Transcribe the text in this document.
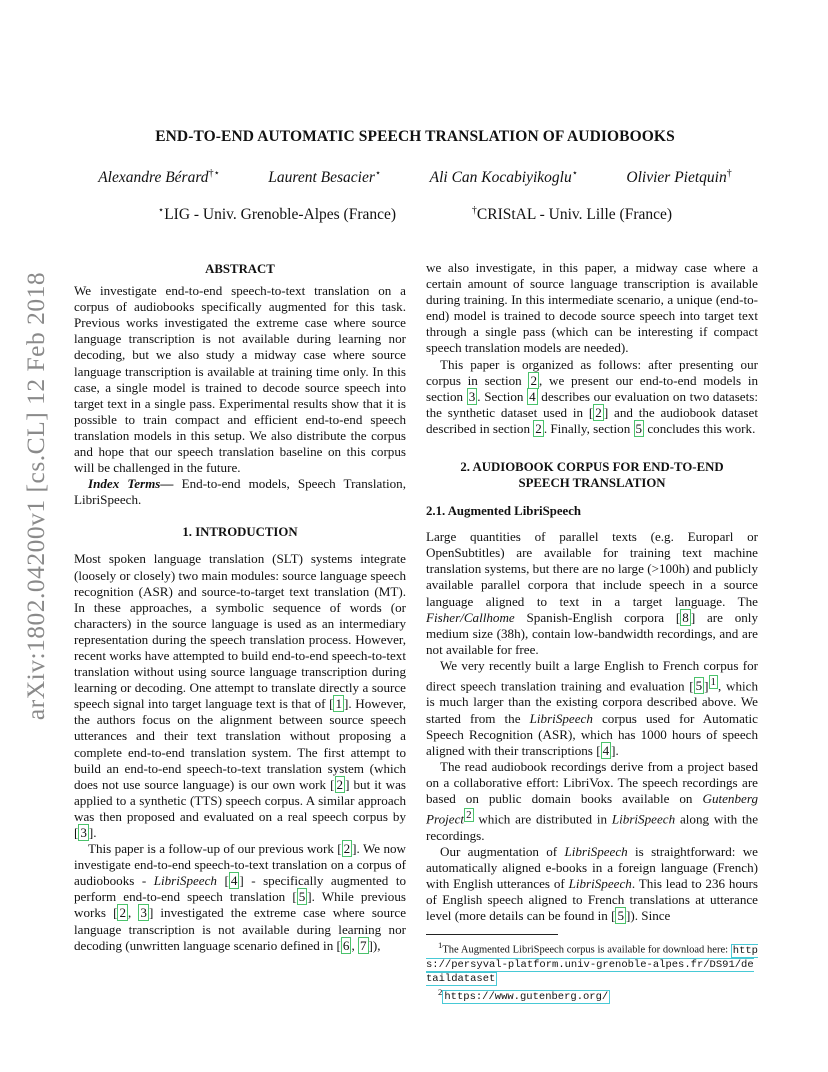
arXiv:1802.04200v1 [cs.CL] 12 Feb 2018
END-TO-END AUTOMATIC SPEECH TRANSLATION OF AUDIOBOOKS
Alexandre Bérard†⋆	Laurent Besacier⋆	Ali Can Kocabiyikoglu⋆	Olivier Pietquin†
⋆LIG - Univ. Grenoble-Alpes (France)	†CRIStAL - Univ. Lille (France)
ABSTRACT

We investigate end-to-end speech-to-text translation on a corpus of audiobooks specifically augmented for this task. Previous works investigated the extreme case where source language transcription is not available during learning nor decoding, but we also study a midway case where source language transcription is available at training time only. In this case, a single model is trained to decode source speech into target text in a single pass. Experimental results show that it is possible to train compact and efficient end-to-end speech translation models in this setup. We also distribute the corpus and hope that our speech translation baseline on this corpus will be challenged in the future.

Index Terms— End-to-end models, Speech Translation, LibriSpeech.

1. INTRODUCTION

Most spoken language translation (SLT) systems integrate (loosely or closely) two main modules: source language speech recognition (ASR) and source-to-target text translation (MT). In these approaches, a symbolic sequence of words (or characters) in the source language is used as an intermediary representation during the speech translation process. However, recent works have attempted to build end-to-end speech-to-text translation without using source language transcription during learning or decoding. One attempt to translate directly a source speech signal into target language text is that of [ 1 ]. However, the authors focus on the alignment between source speech utterances and their text translation without proposing a complete end-to-end translation system. The first attempt to build an end-to-end speech-to-text translation system (which does not use source language) is our own work [ 2 ] but it was applied to a synthetic (TTS) speech corpus. A similar approach was then proposed and evaluated on a real speech corpus by [ 3 ].

This paper is a follow-up of our previous work [ 2 ]. We now investigate end-to-end speech-to-text translation on a corpus of audiobooks - LibriSpeech [ 4 ] - specifically augmented to perform end-to-end speech translation [ 5 ]. While previous works [ 2 , 3 ] investigated the extreme case where source language transcription is not available during learning nor decoding (unwritten language scenario defined in [ 6 , 7 ]),

we also investigate, in this paper, a midway case where a certain amount of source language transcription is available during training. In this intermediate scenario, a unique (end-to-end) model is trained to decode source speech into target text through a single pass (which can be interesting if compact speech translation models are needed).

This paper is organized as follows: after presenting our corpus in section 2 , we present our end-to-end models in section 3 . Section 4 describes our evaluation on two datasets: the synthetic dataset used in [ 2 ] and the audiobook dataset described in section 2 . Finally, section 5 concludes this work.

2. AUDIOBOOK CORPUS FOR END-TO-END
SPEECH TRANSLATION
2.1. Augmented LibriSpeech

Large quantities of parallel texts (e.g. Europarl or OpenSubtitles) are available for training text machine translation systems, but there are no large (>100h) and publicly available parallel corpora that include speech in a source language aligned to text in a target language. The Fisher/Callhome Spanish-English corpora [ 8 ] are only medium size (38h), contain low-bandwidth recordings, and are not available for free.

We very recently built a large English to French corpus for direct speech translation training and evaluation [ 5 ] $^1$ , which is much larger than the existing corpora described above. We started from the LibriSpeech corpus used for Automatic Speech Recognition (ASR), which has 1000 hours of speech aligned with their transcriptions [ 4 ].

The read audiobook recordings derive from a project based on a collaborative effort: LibriVox. The speech recordings are based on public domain books available on Gutenberg Project $^2$ which are distributed in LibriSpeech along with the recordings.

Our augmentation of LibriSpeech is straightforward: we automatically aligned e-books in a foreign language (French) with English utterances of LibriSpeech. This lead to 236 hours of English speech aligned to French translations at utterance level (more details can be found in [ 5 ]). Since

$^1$The Augmented LibriSpeech corpus is available for download here: https://persyval-platform.univ-grenoble-alpes.fr/DS91/detaildataset

$^2$ https://www.gutenberg.org/
